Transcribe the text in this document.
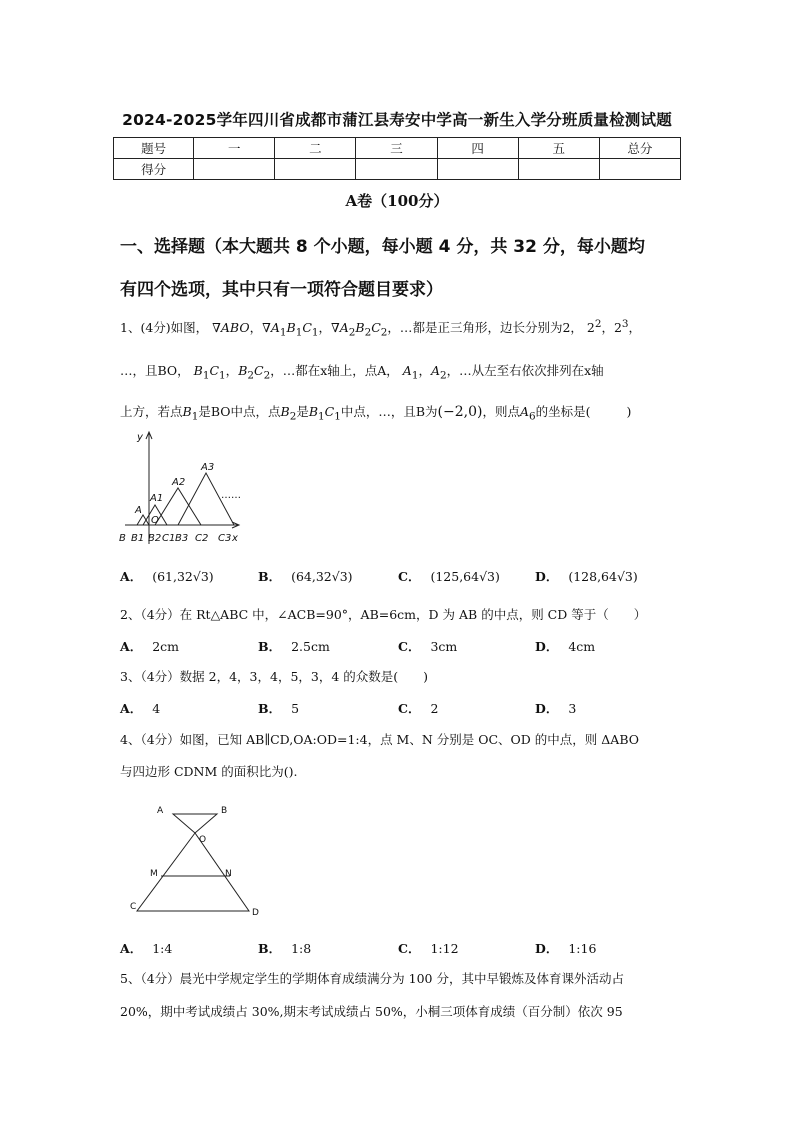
2024-2025学年四川省成都市蒲江县寿安中学高一新生入学分班质量检测试题
题号	一	二	三	四	五	总分
得分						
A卷（100分）
一、选择题（本大题共 8 个小题，每小题 4 分，共 32 分，每小题均
有四个选项，其中只有一项符合题目要求）
1、(4分)如图， ∇ABO，$\nabla A_1B_1C_1$，$\nabla A_2B_2C_2$，…都是正三角形，边长分别为2， $2^2$，$2^3$，
…，且BO， $B_1C_1$，$B_2C_2$，…都在x轴上，点A， $A_1$，$A_2$，…从左至右依次排列在x轴
上方，若点$B_1$是BO中点，点$B_2$是$B_1C_1$中点，…，且B为(−2,0)，则点$A_6$的坐标是(	)
y
A
A1
A2
A3
B B1
O
B2 C1 B3 C2 C3 x
……
A． (61,32√3)	B． (64,32√3)	C． (125,64√3)	D． (128,64√3)
2、（4分）在 Rt△ABC 中，∠ACB=90°，AB=6cm，D 为 AB 的中点，则 CD 等于（　　）
A． 2cm	B． 2.5cm	C． 3cm	D． 4cm
3、（4分）数据 2，4，3，4，5，3，4 的众数是(　　)
A． 4	B． 5	C． 2	D． 3
4、（4分）如图，已知 AB∥CD,OA:OD=1:4，点 M、N 分别是 OC、OD 的中点，则 ΔABO
与四边形 CDNM 的面积比为().
A	B
O
M	N
C
D
A． 1:4	B． 1:8	C． 1:12	D． 1:16
5、（4分）晨光中学规定学生的学期体育成绩满分为 100 分，其中早锻炼及体育课外活动占
20%，期中考试成绩占 30%,期末考试成绩占 50%，小桐三项体育成绩（百分制）依次 95
